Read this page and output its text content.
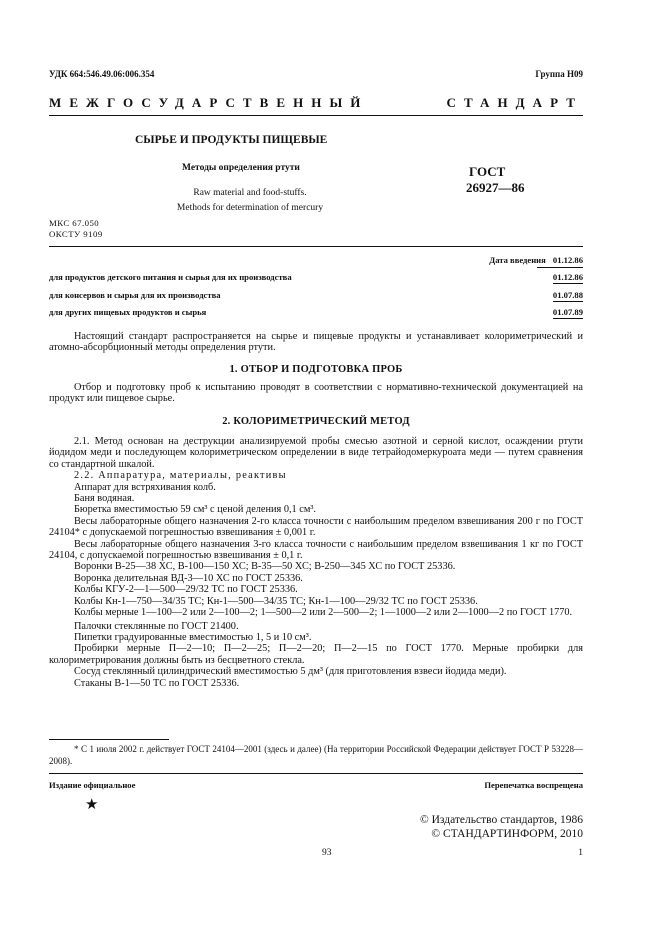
УДК 664:546.49.06:006.354	Группа Н09
МЕЖГОСУДАРСТВЕННЫЙ СТАНДАРТ
СЫРЬЕ И ПРОДУКТЫ ПИЩЕВЫЕ
Методы определения ртути
Raw material and food-stuffs.
Methods for determination of mercury
ГОСТ
26927—86
МКС 67.050
ОКСТУ 9109
Дата введения 01.12.86
для продуктов детского питания и сырья для их производства	01.12.86
для консервов и сырья для их производства	01.07.88
для других пищевых продуктов и сырья	01.07.89
Настоящий стандарт распространяется на сырье и пищевые продукты и устанавливает колориметрический и атомно-абсорбционный методы определения ртути.
1. ОТБОР И ПОДГОТОВКА ПРОБ
Отбор и подготовку проб к испытанию проводят в соответствии с нормативно-технической документацией на продукт или пищевое сырье.
2. КОЛОРИМЕТРИЧЕСКИЙ МЕТОД

2.1. Метод основан на деструкции анализируемой пробы смесью азотной и серной кислот, осаждении ртути йодидом меди и последующем колориметрическом определении в виде тетрайодомеркуроата меди — путем сравнения со стандартной шкалой.

2.2. Аппаратура, материалы, реактивы

Аппарат для встряхивания колб.

Баня водяная.

Бюретка вместимостью 59 см³ с ценой деления 0,1 см³.

Весы лабораторные общего назначения 2-го класса точности с наибольшим пределом взвешивания 200 г по ГОСТ 24104* с допускаемой погрешностью взвешивания ± 0,001 г.

Весы лабораторные общего назначения 3-го класса точности с наибольшим пределом взвешивания 1 кг по ГОСТ 24104, с допускаемой погрешностью взвешивания ± 0,1 г.

Воронки В-25—38 ХС, В-100—150 ХС; В-35—50 ХС; В-250—345 ХС по ГОСТ 25336.

Воронка делительная ВД-3—10 ХС по ГОСТ 25336.

Колбы КГУ-2—1—500—29/32 ТС по ГОСТ 25336.

Колбы Кн-1—750—34/35 ТС; Кн-1—500—34/35 ТС; Кн-1—100—29/32 ТС по ГОСТ 25336.

Колбы мерные 1—100—2 или 2—100—2; 1—500—2 или 2—500—2; 1—1000—2 или 2—1000—2 по ГОСТ 1770.

Палочки стеклянные по ГОСТ 21400.

Пипетки градуированные вместимостью 1, 5 и 10 см³.

Пробирки мерные П—2—10; П—2—25; П—2—20; П—2—15 по ГОСТ 1770. Мерные пробирки для колориметрирования должны быть из бесцветного стекла.

Сосуд стеклянный цилиндрический вместимостью 5 дм³ (для приготовления взвеси йодида меди).

Стаканы В-1—50 ТС по ГОСТ 25336.

* С 1 июля 2002 г. действует ГОСТ 24104—2001 (здесь и далее) (На территории Российской Федерации действует ГОСТ Р 53228—2008).
Издание официальное	Перепечатка воспрещена
★
© Издательство стандартов, 1986
© СТАНДАРТИНФОРМ, 2010
93	1
